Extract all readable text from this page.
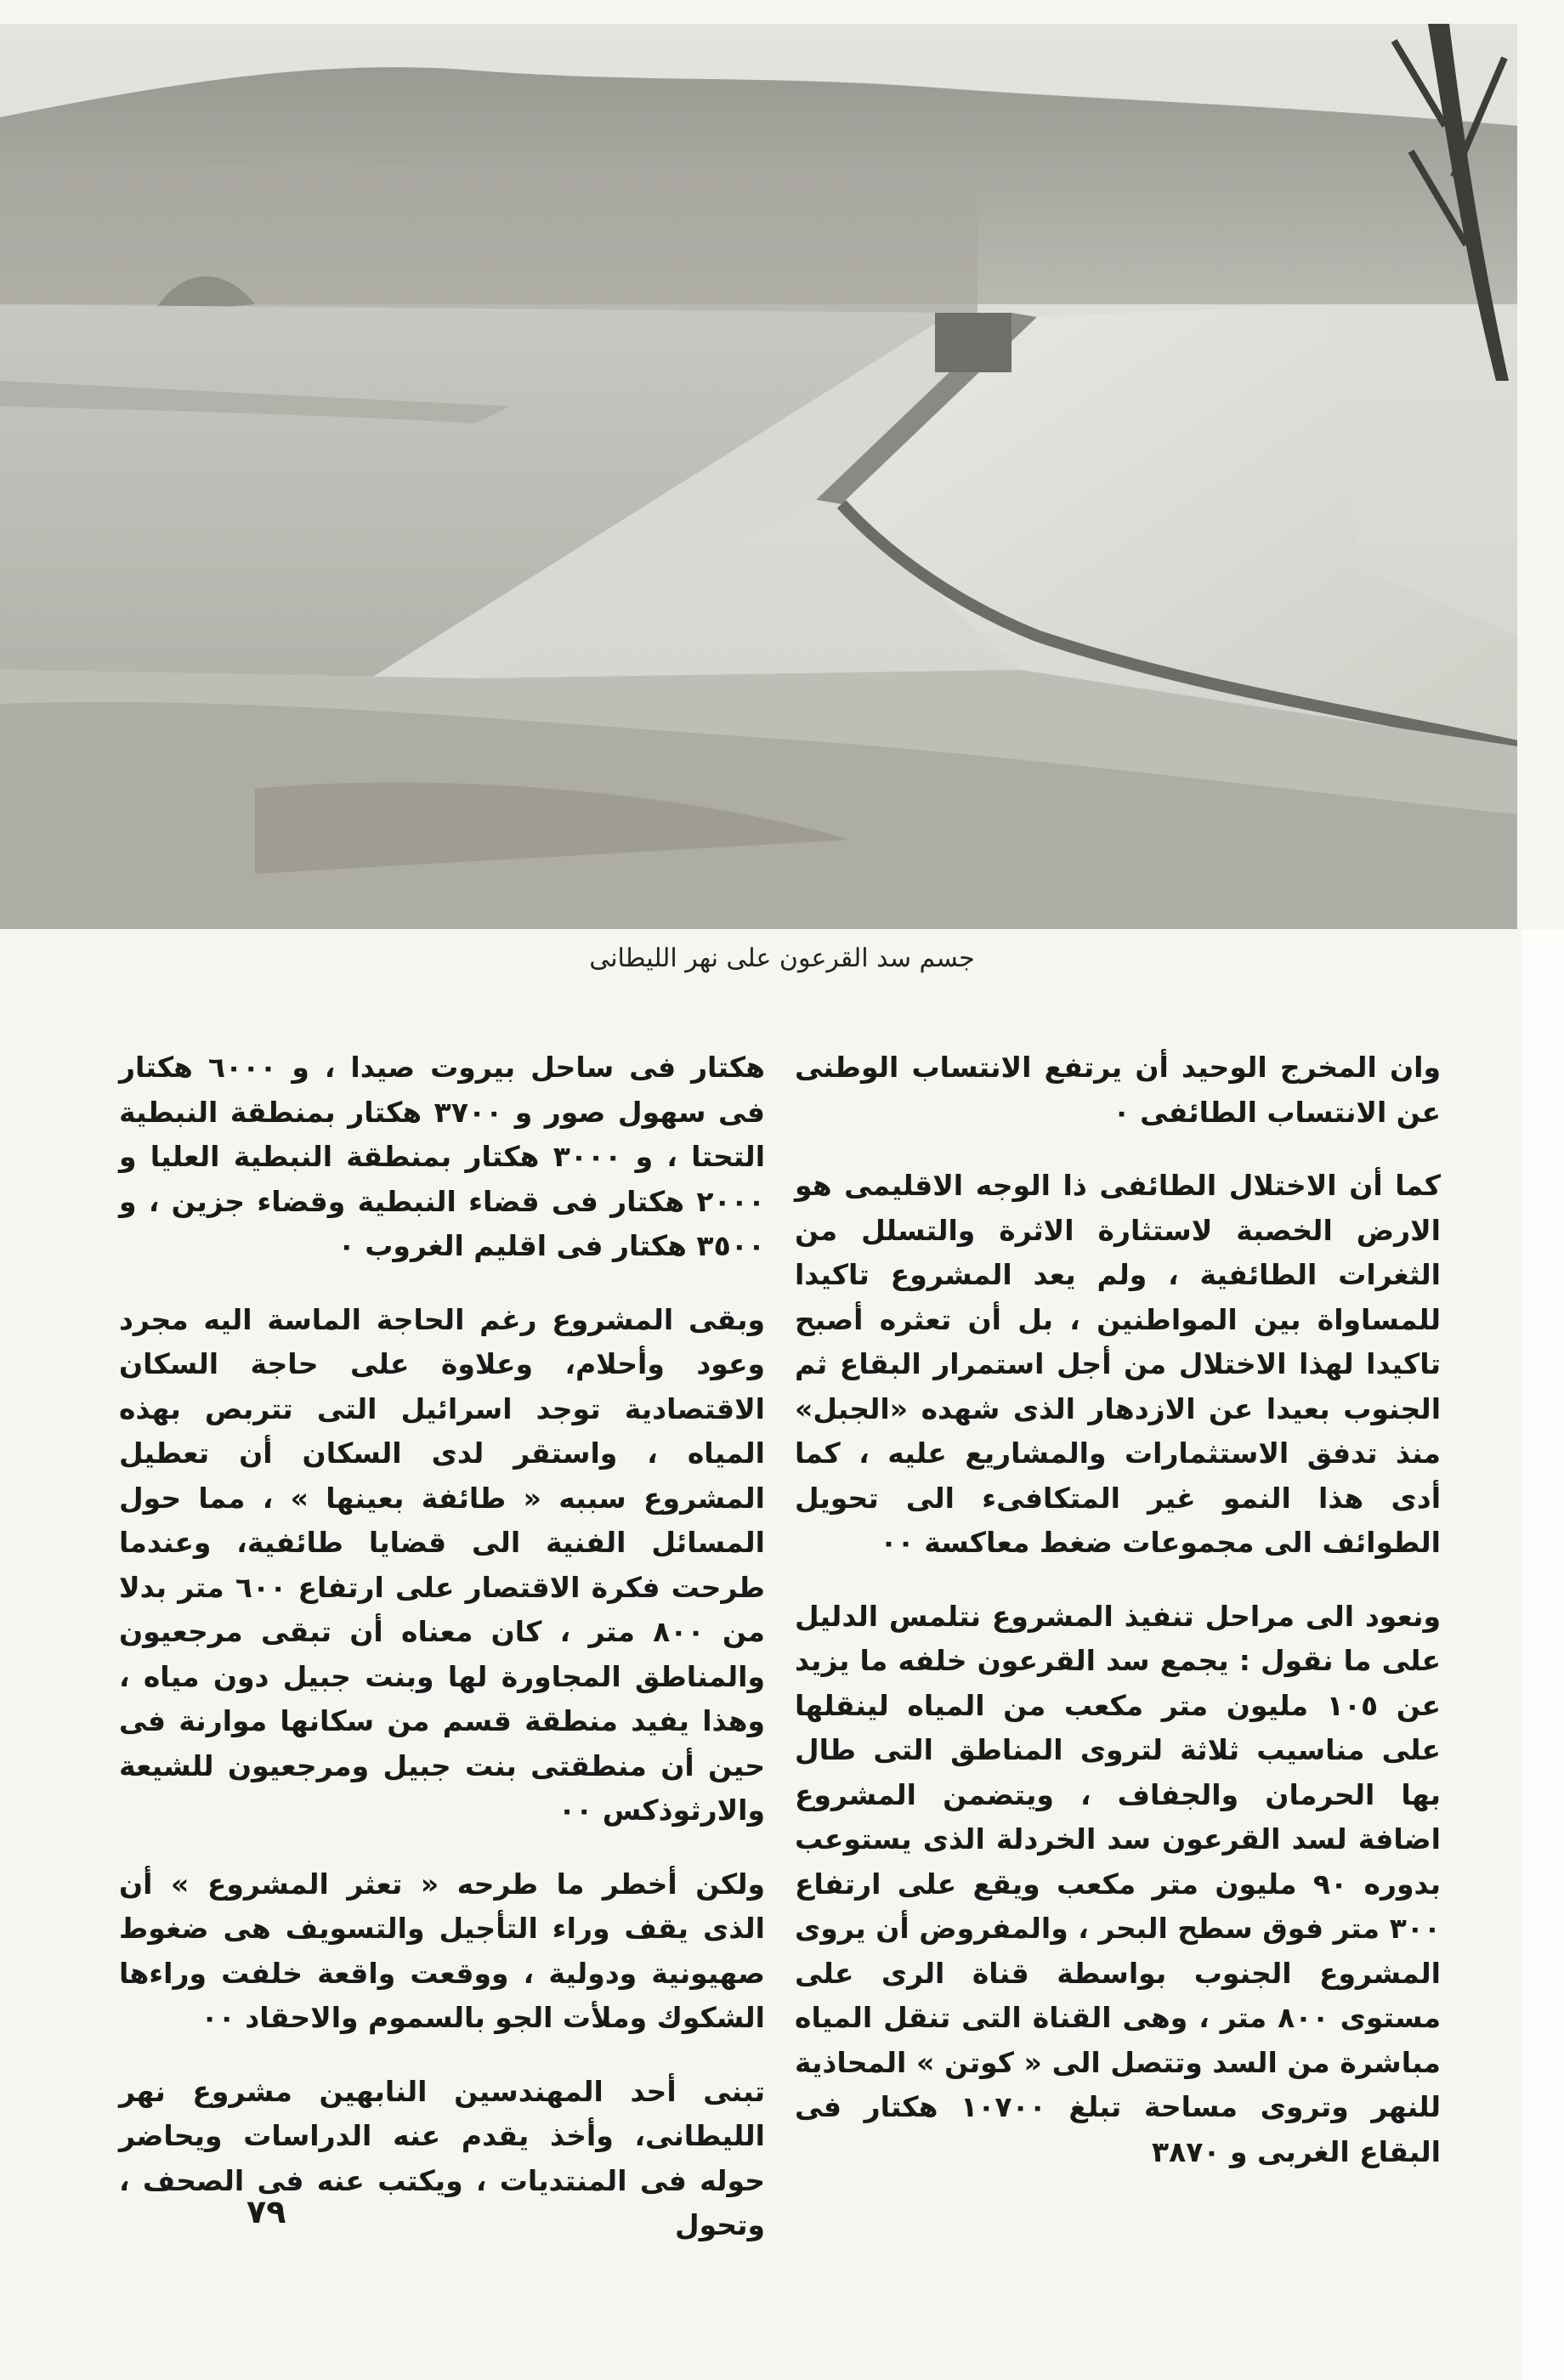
جسم سد القرعون على نهر الليطانى

وان المخرج الوحيد أن يرتفع الانتساب الوطنى عن الانتساب الطائفى ٠

كما أن الاختلال الطائفى ذا الوجه الاقليمى هو الارض الخصبة لاستثارة الاثرة والتسلل من الثغرات الطائفية ، ولم يعد المشروع تاكيدا للمساواة بين المواطنين ، بل أن تعثره أصبح تاكيدا لهذا الاختلال من أجل استمرار البقاع ثم الجنوب بعيدا عن الازدهار الذى شهده «الجبل» منذ تدفق الاستثمارات والمشاريع عليه ، كما أدى هذا النمو غير المتكافىء الى تحويل الطوائف الى مجموعات ضغط معاكسة ٠٠

ونعود الى مراحل تنفيذ المشروع نتلمس الدليل على ما نقول : يجمع سد القرعون خلفه ما يزيد عن ١٠٥ مليون متر مكعب من المياه لينقلها على مناسيب ثلاثة لتروى المناطق التى طال بها الحرمان والجفاف ، ويتضمن المشروع اضافة لسد القرعون سد الخردلة الذى يستوعب بدوره ٩٠ مليون متر مكعب ويقع على ارتفاع ٣٠٠ متر فوق سطح البحر ، والمفروض أن يروى المشروع الجنوب بواسطة قناة الرى على مستوى ٨٠٠ متر ، وهى القناة التى تنقل المياه مباشرة من السد وتتصل الى « كوتن » المحاذية للنهر وتروى مساحة تبلغ ١٠٧٠٠ هكتار فى البقاع الغربى و ٣٨٧٠

هكتار فى ساحل بيروت صيدا ، و ٦٠٠٠ هكتار فى سهول صور و ٣٧٠٠ هكتار بمنطقة النبطية التحتا ، و ٣٠٠٠ هكتار بمنطقة النبطية العليا و ٢٠٠٠ هكتار فى قضاء النبطية وقضاء جزين ، و ٣٥٠٠ هكتار فى اقليم الغروب ٠

وبقى المشروع رغم الحاجة الماسة اليه مجرد وعود وأحلام، وعلاوة على حاجة السكان الاقتصادية توجد اسرائيل التى تتربص بهذه المياه ، واستقر لدى السكان أن تعطيل المشروع سببه « طائفة بعينها » ، مما حول المسائل الفنية الى قضايا طائفية، وعندما طرحت فكرة الاقتصار على ارتفاع ٦٠٠ متر بدلا من ٨٠٠ متر ، كان معناه أن تبقى مرجعيون والمناطق المجاورة لها وبنت جبيل دون مياه ، وهذا يفيد منطقة قسم من سكانها موارنة فى حين أن منطقتى بنت جبيل ومرجعيون للشيعة والارثوذكس ٠٠

ولكن أخطر ما طرحه « تعثر المشروع » أن الذى يقف وراء التأجيل والتسويف هى ضغوط صهيونية ودولية ، ووقعت واقعة خلفت وراءها الشكوك وملأت الجو بالسموم والاحقاد ٠٠

تبنى أحد المهندسين النابهين مشروع نهر الليطانى، وأخذ يقدم عنه الدراسات ويحاضر حوله فى المنتديات ، ويكتب عنه فى الصحف ، وتحول

٧٩
